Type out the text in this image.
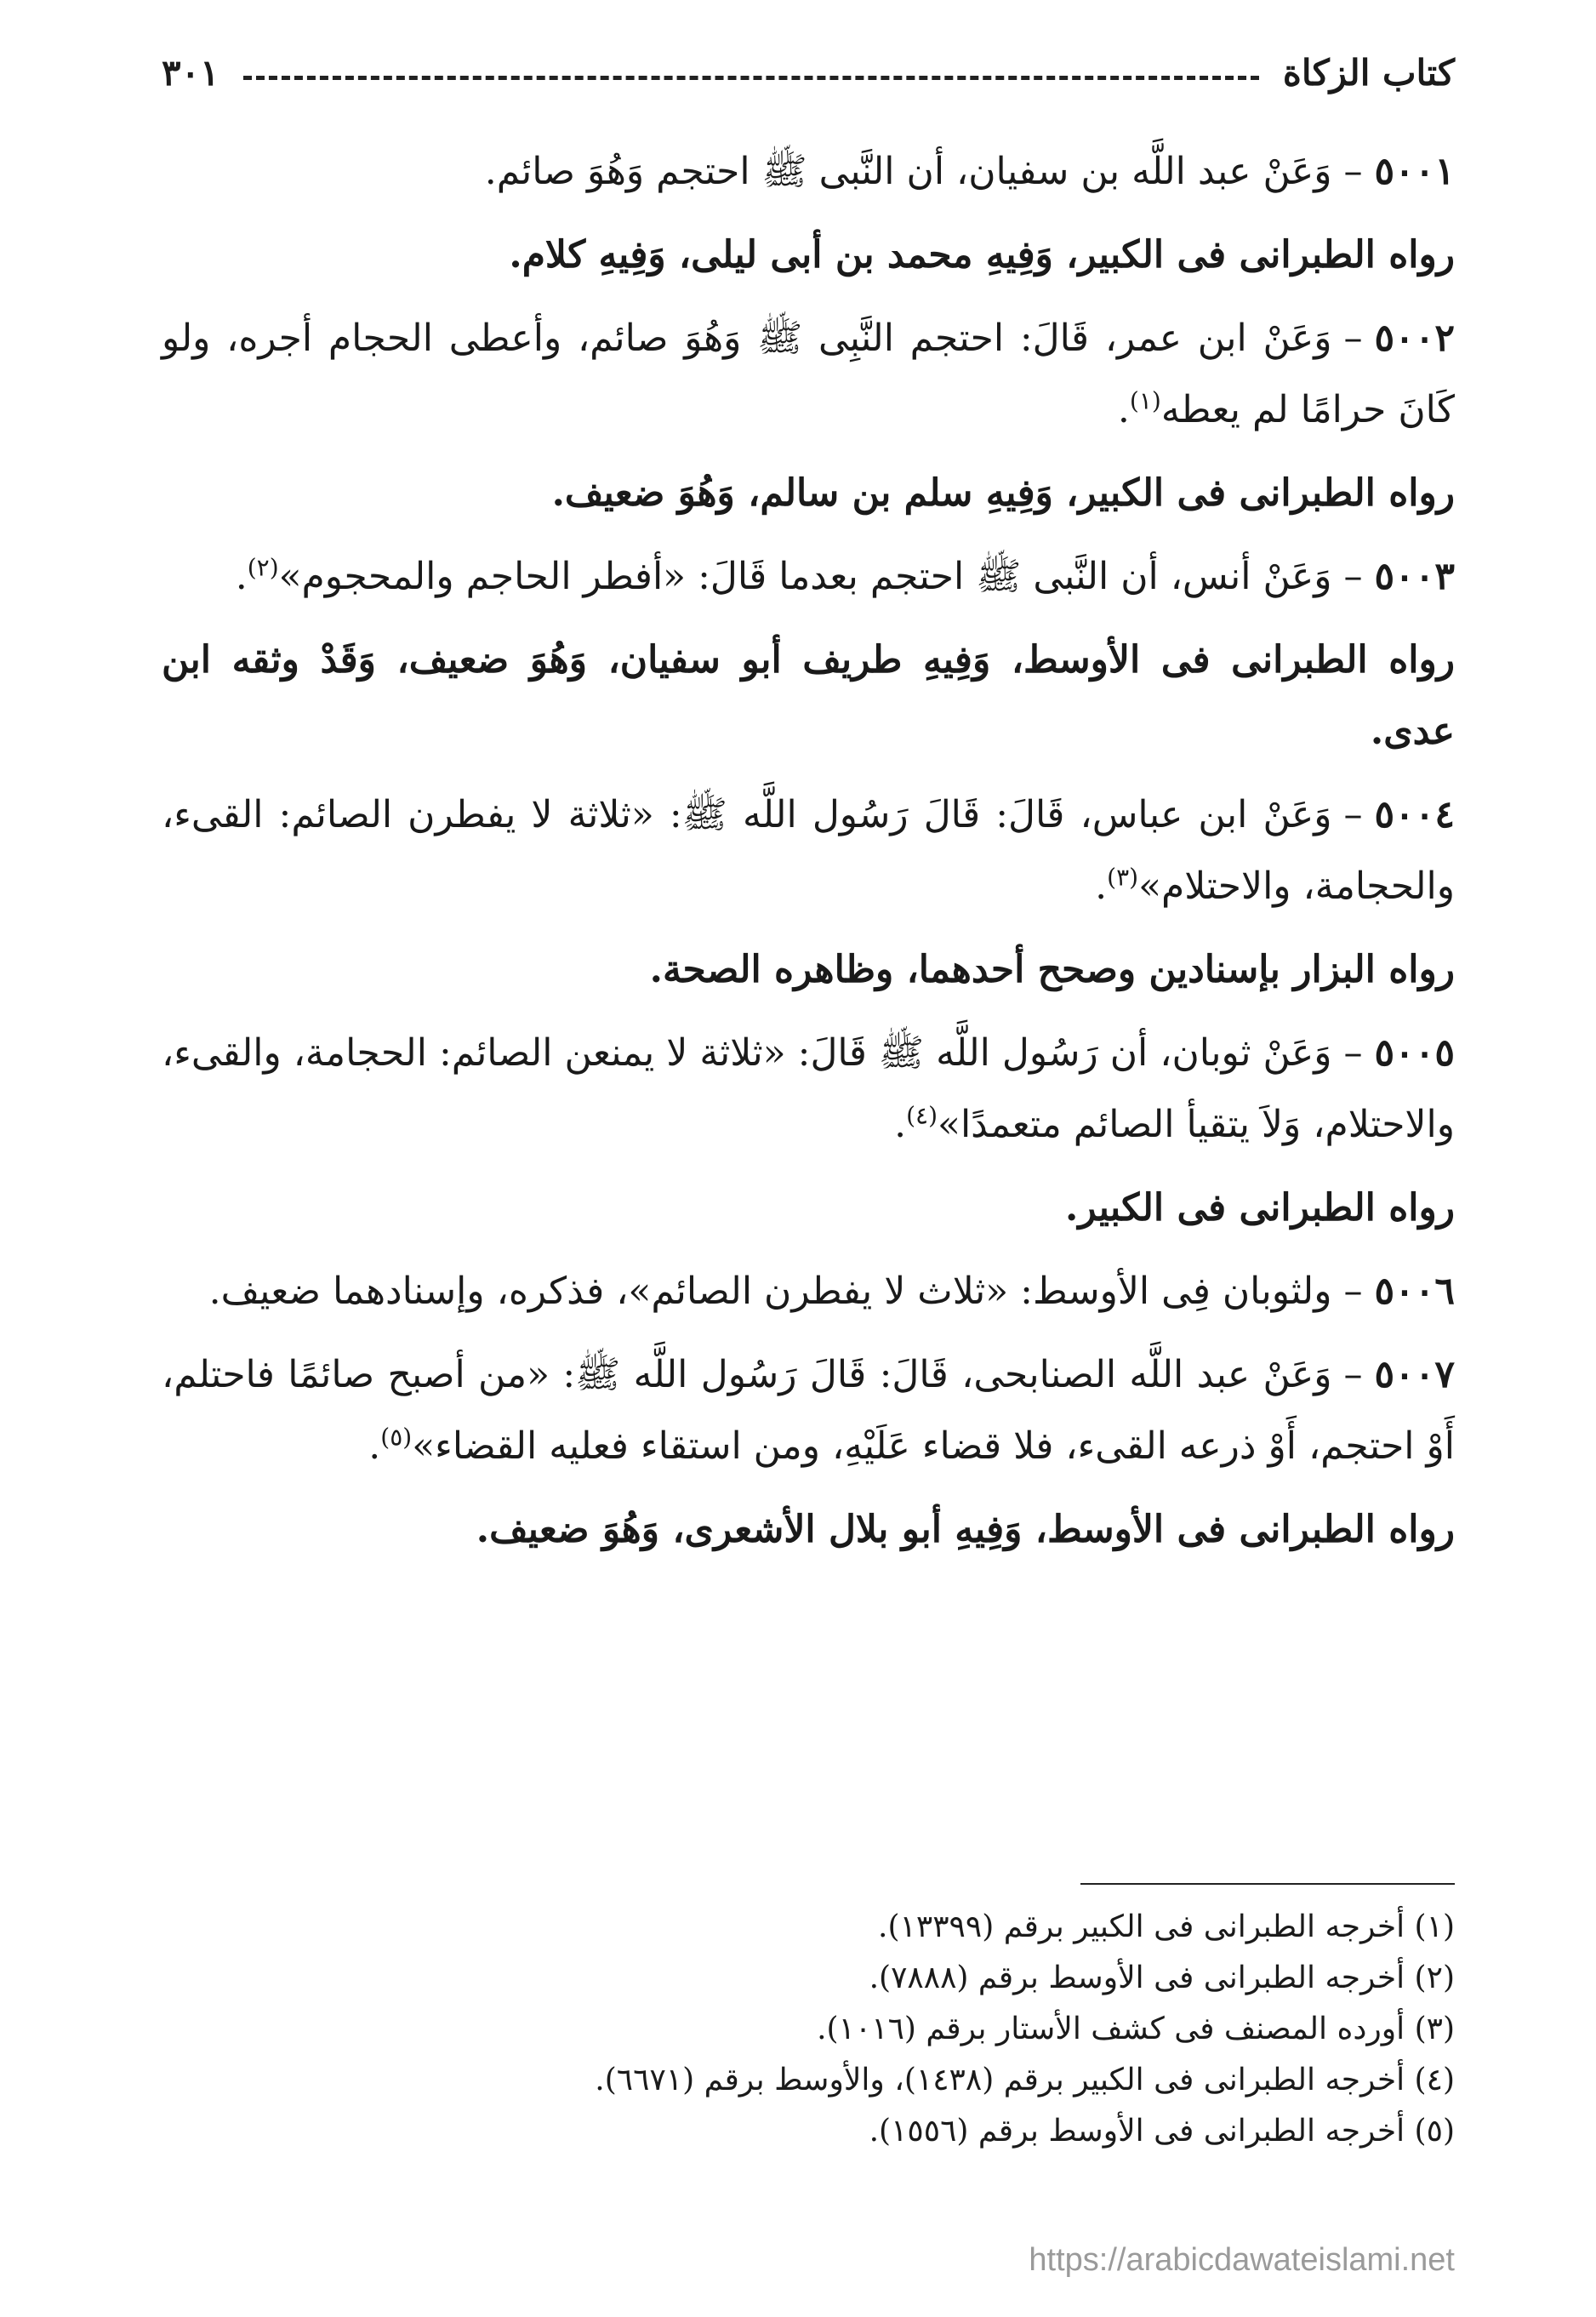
كتاب الزكاة
٣٠١

٥٠٠١–وَعَنْ عبد اللَّه بن سفيان، أن النَّبى ﷺ احتجم وَهُوَ صائم.

رواه الطبرانى فى الكبير، وَفِيهِ محمد بن أبى ليلى، وَفِيهِ كلام.

٥٠٠٢–وَعَنْ ابن عمر، قَالَ: احتجم النَّبِى ﷺ وَهُوَ صائم، وأعطى الحجام أجره، ولو كَانَ حرامًا لم يعطه$^{(١)}$.

رواه الطبرانى فى الكبير، وَفِيهِ سلم بن سالم، وَهُوَ ضعيف.

٥٠٠٣–وَعَنْ أنس، أن النَّبى ﷺ احتجم بعدما قَالَ: «أفطر الحاجم والمحجوم»$^{(٢)}$.

رواه الطبرانى فى الأوسط، وَفِيهِ طريف أبو سفيان، وَهُوَ ضعيف، وَقَدْ وثقه ابن عدى.

٥٠٠٤–وَعَنْ ابن عباس، قَالَ: قَالَ رَسُول اللَّه ﷺ: «ثلاثة لا يفطرن الصائم: القىء، والحجامة، والاحتلام»$^{(٣)}$.

رواه البزار بإسنادين وصحح أحدهما، وظاهره الصحة.

٥٠٠٥–وَعَنْ ثوبان، أن رَسُول اللَّه ﷺ قَالَ: «ثلاثة لا يمنعن الصائم: الحجامة، والقىء، والاحتلام، وَلاَ يتقيأ الصائم متعمدًا»$^{(٤)}$.

رواه الطبرانى فى الكبير.

٥٠٠٦–ولثوبان فِى الأوسط: «ثلاث لا يفطرن الصائم»، فذكره، وإسنادهما ضعيف.

٥٠٠٧–وَعَنْ عبد اللَّه الصنابحى، قَالَ: قَالَ رَسُول اللَّه ﷺ: «من أصبح صائمًا فاحتلم، أَوْ احتجم، أَوْ ذرعه القىء، فلا قضاء عَلَيْهِ، ومن استقاء فعليه القضاء»$^{(٥)}$.

رواه الطبرانى فى الأوسط، وَفِيهِ أبو بلال الأشعرى، وَهُوَ ضعيف.

(١) أخرجه الطبرانى فى الكبير برقم (١٣٣٩٩).

(٢) أخرجه الطبرانى فى الأوسط برقم (٧٨٨٨).

(٣) أورده المصنف فى كشف الأستار برقم (١٠١٦).

(٤) أخرجه الطبرانى فى الكبير برقم (١٤٣٨)، والأوسط برقم (٦٦٧١).

(٥) أخرجه الطبرانى فى الأوسط برقم (١٥٥٦).

https://arabicdawateislami.net
